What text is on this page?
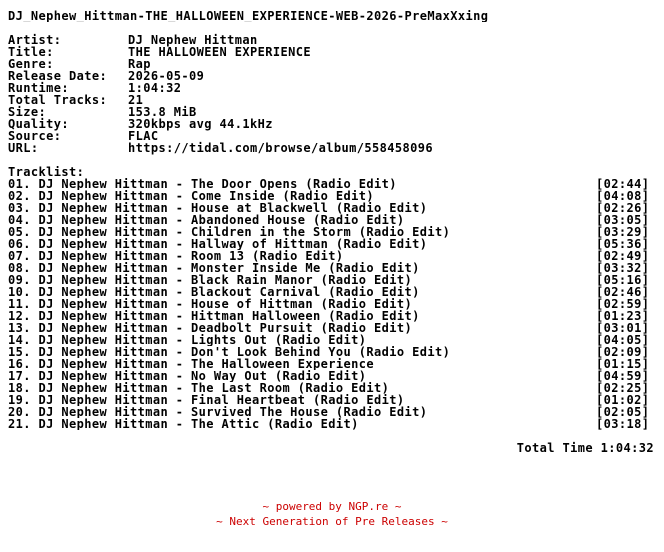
DJ_Nephew_Hittman-THE_HALLOWEEN_EXPERIENCE-WEB-2026-PreMaxXxing
Artist:	DJ Nephew Hittman
Title:	THE HALLOWEEN EXPERIENCE
Genre:	Rap
Release Date:	2026-05-09
Runtime:	1:04:32
Total Tracks:	21
Size:	153.8 MiB
Quality:	320kbps avg 44.1kHz
Source:	FLAC
URL:	https://tidal.com/browse/album/558458096
Tracklist:
01. DJ Nephew Hittman - The Door Opens (Radio Edit)	[02:44]
02. DJ Nephew Hittman - Come Inside (Radio Edit)	[04:08]
03. DJ Nephew Hittman - House at Blackwell (Radio Edit)	[02:26]
04. DJ Nephew Hittman - Abandoned House (Radio Edit)	[03:05]
05. DJ Nephew Hittman - Children in the Storm (Radio Edit)	[03:29]
06. DJ Nephew Hittman - Hallway of Hittman (Radio Edit)	[05:36]
07. DJ Nephew Hittman - Room 13 (Radio Edit)	[02:49]
08. DJ Nephew Hittman - Monster Inside Me (Radio Edit)	[03:32]
09. DJ Nephew Hittman - Black Rain Manor (Radio Edit)	[05:16]
10. DJ Nephew Hittman - Blackout Carnival (Radio Edit)	[02:46]
11. DJ Nephew Hittman - House of Hittman (Radio Edit)	[02:59]
12. DJ Nephew Hittman - Hittman Halloween (Radio Edit)	[01:23]
13. DJ Nephew Hittman - Deadbolt Pursuit (Radio Edit)	[03:01]
14. DJ Nephew Hittman - Lights Out (Radio Edit)	[04:05]
15. DJ Nephew Hittman - Don't Look Behind You (Radio Edit)	[02:09]
16. DJ Nephew Hittman - The Halloween Experience	[01:15]
17. DJ Nephew Hittman - No Way Out (Radio Edit)	[04:59]
18. DJ Nephew Hittman - The Last Room (Radio Edit)	[02:25]
19. DJ Nephew Hittman - Final Heartbeat (Radio Edit)	[01:02]
20. DJ Nephew Hittman - Survived The House (Radio Edit)	[02:05]
21. DJ Nephew Hittman - The Attic (Radio Edit)	[03:18]
Total Time 1:04:32
~ powered by NGP.re ~
~ Next Generation of Pre Releases ~
